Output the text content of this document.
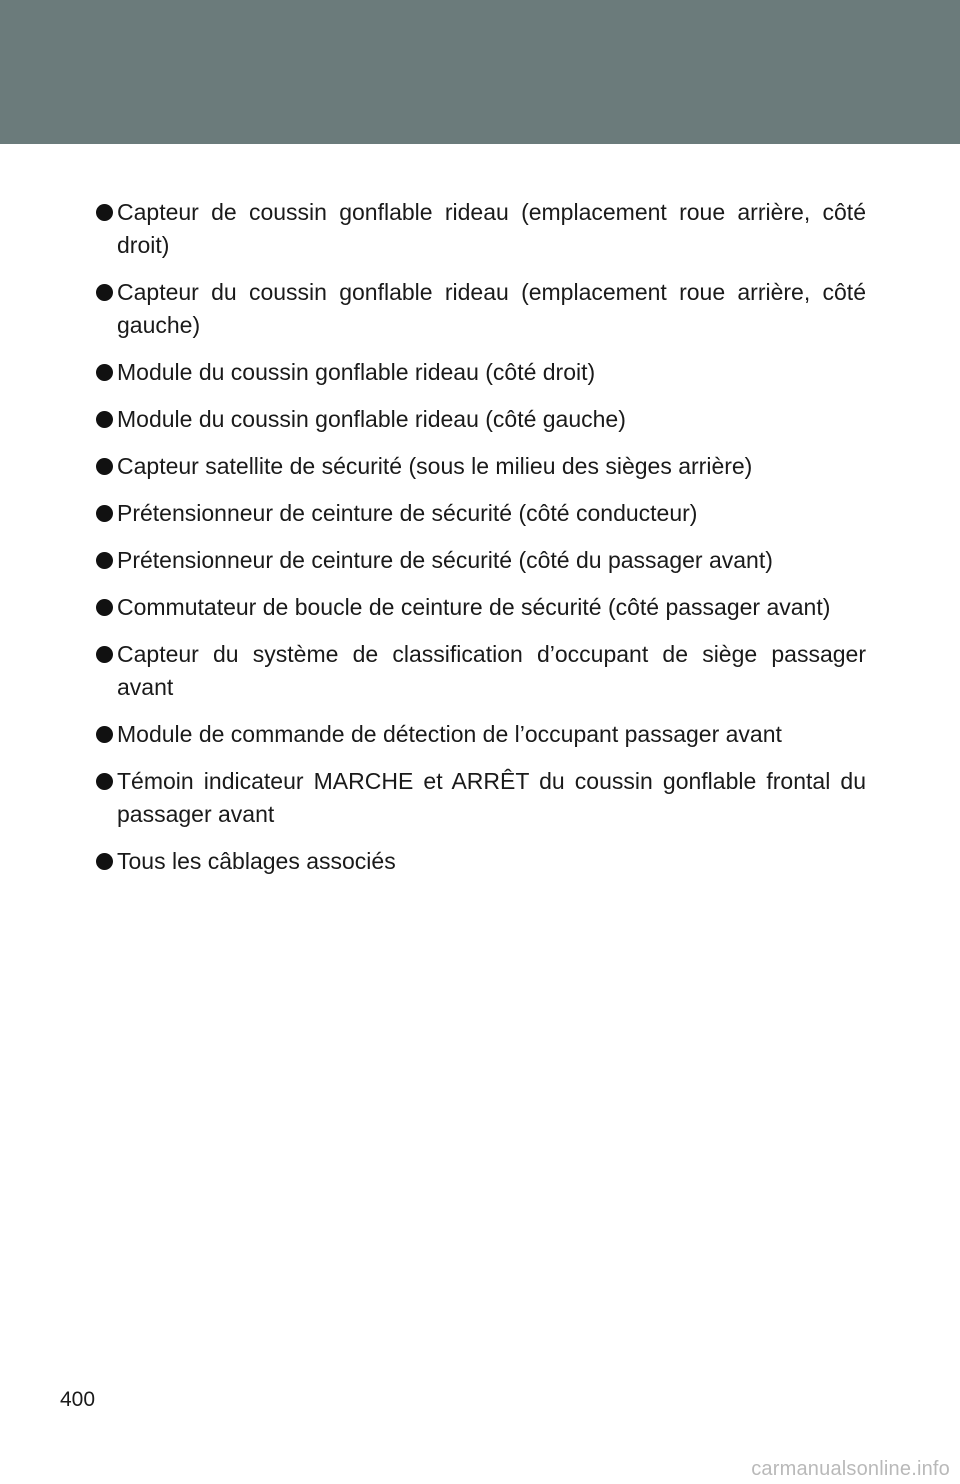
Capteur de coussin gonflable rideau (emplacement roue arrière, côté droit)
Capteur du coussin gonflable rideau (emplacement roue arrière, côté gauche)
Module du coussin gonflable rideau (côté droit)
Module du coussin gonflable rideau (côté gauche)
Capteur satellite de sécurité (sous le milieu des sièges arrière)
Prétensionneur de ceinture de sécurité (côté conducteur)
Prétensionneur de ceinture de sécurité (côté du passager avant)
Commutateur de boucle de ceinture de sécurité (côté passager avant)
Capteur du système de classification d’occupant de siège passager avant
Module de commande de détection de l’occupant passager avant
Témoin indicateur MARCHE et ARRÊT du coussin gonflable frontal du passager avant
Tous les câblages associés
400
carmanualsonline.info
